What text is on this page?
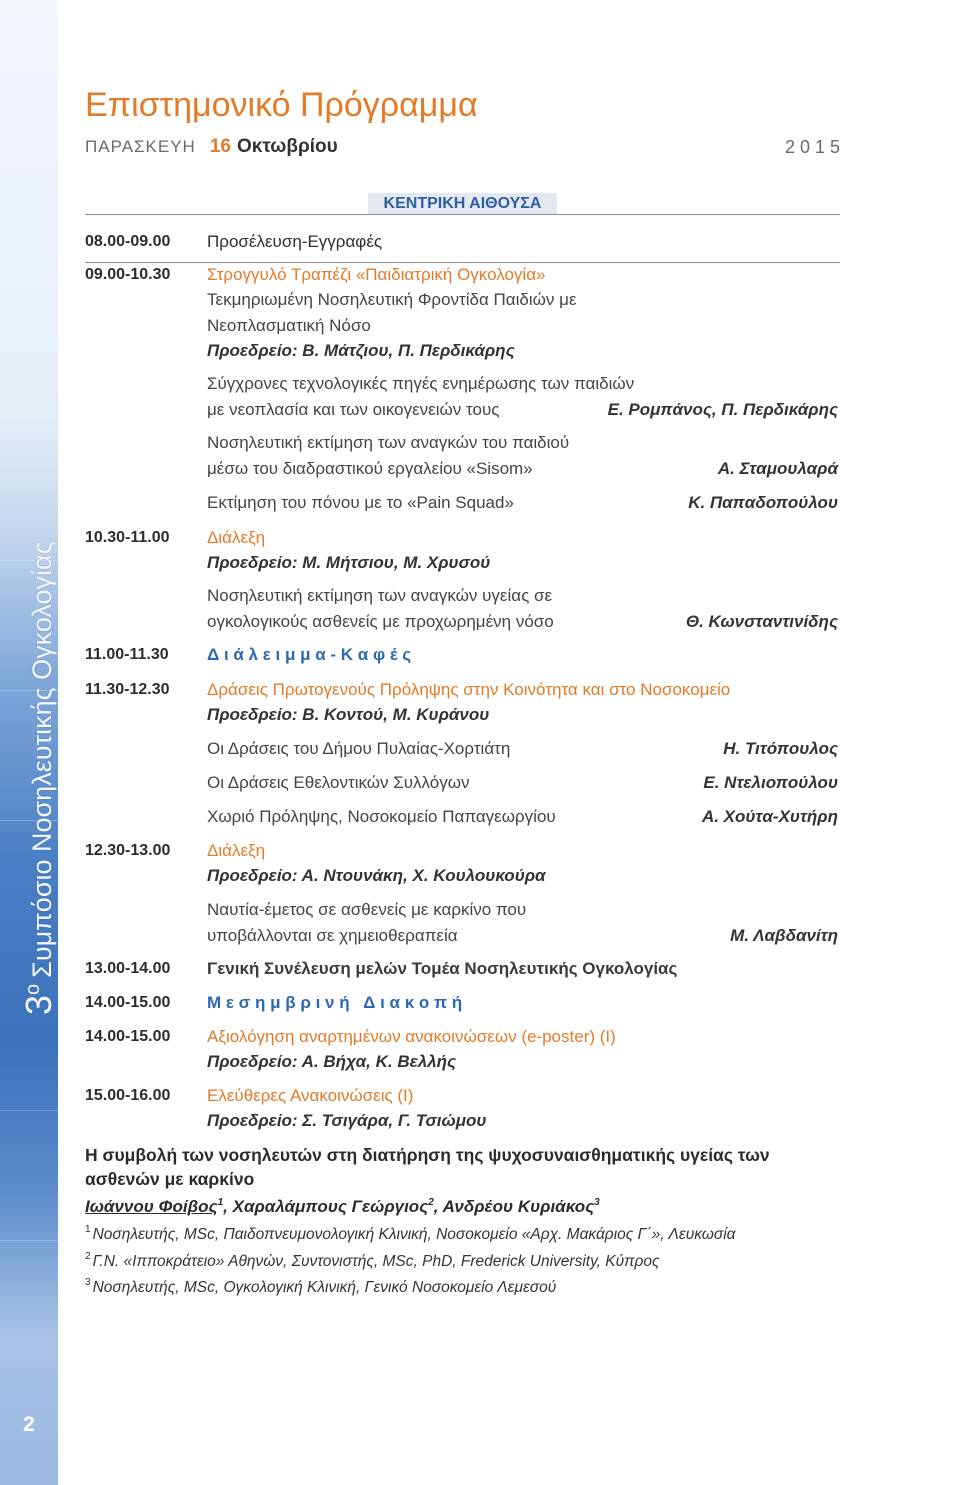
3οΣυμπόσιο Νοσηλευτικής Ογκολογίας
2
Επιστημονικό Πρόγραμμα
ΠΑΡΑΣΚΕΥΗ 16 Οκτωβρίου	2 0 1 5
ΚΕΝΤΡΙΚΗ ΑΙΘΟΥΣΑ
08.00-09.00 Προσέλευση-Εγγραφές
09.00-10.30 Στρογγυλό Τραπέζι «Παιδιατρική Ογκολογία»
Τεκμηριωμένη Νοσηλευτική Φροντίδα Παιδιών με
Νεοπλασματική Νόσο
Προεδρείο: Β. Μάτζιου, Π. Περδικάρης
Σύγχρονες τεχνολογικές πηγές ενημέρωσης των παιδιών
με νεοπλασία και των οικογενειών τους	Ε. Ρομπάνος, Π. Περδικάρης
Νοσηλευτική εκτίμηση των αναγκών του παιδιού
μέσω του διαδραστικού εργαλείου «Sisom»	Α. Σταμουλαρά
Εκτίμηση του πόνου με το «Pain Squad»	Κ. Παπαδοπούλου
10.30-11.00 Διάλεξη
Προεδρείο: Μ. Μήτσιου, Μ. Χρυσού
Νοσηλευτική εκτίμηση των αναγκών υγείας σε
ογκολογικούς ασθενείς με προχωρημένη νόσο	Θ. Κωνσταντινίδης
11.00-11.30 Δ ι ά λ ε ι μ μ α - Κ α φ έ ς
11.30-12.30 Δράσεις Πρωτογενούς Πρόληψης στην Κοινότητα και στο Νοσοκομείο
Προεδρείο: Β. Κοντού, Μ. Κυράνου
Οι Δράσεις του Δήμου Πυλαίας-Χορτιάτη	Η. Τιτόπουλος
Οι Δράσεις Εθελοντικών Συλλόγων	Ε. Ντελιοπούλου
Χωριό Πρόληψης, Νοσοκομείο Παπαγεωργίου	Α. Χούτα-Χυτήρη
12.30-13.00 Διάλεξη
Προεδρείο: Α. Ντουνάκη, Χ. Κουλουκούρα
Ναυτία-έμετος σε ασθενείς με καρκίνο που
υποβάλλονται σε χημειοθεραπεία	Μ. Λαβδανίτη
13.00-14.00 Γενική Συνέλευση μελών Τομέα Νοσηλευτικής Ογκολογίας
14.00-15.00 Μ ε σ η μ β ρ ι ν ή   Δ ι α κ ο π ή
14.00-15.00 Αξιολόγηση αναρτημένων ανακοινώσεων (e-poster) (Ι)
Προεδρείο: Α. Βήχα, Κ. Βελλής
15.00-16.00 Ελεύθερες Ανακοινώσεις (Ι)
Προεδρείο: Σ. Τσιγάρα, Γ. Τσιώμου
Η συμβολή των νοσηλευτών στη διατήρηση της ψυχοσυναισθηματικής υγείας των
ασθενών με καρκίνο
Ιωάννου Φοίβος$^1$, Χαραλάμπους Γεώργιος$^2$, Ανδρέου Κυριάκος$^3$
$^1$ Νοσηλευτής, MSc, Παιδοπνευμονολογική Κλινική, Νοσοκομείο «Αρχ. Μακάριος Γ΄», Λευκωσία
$^2$ Γ.Ν. «Ιπποκράτειο» Αθηνών, Συντονιστής, MSc, PhD, Frederick University, Κύπρος
$^3$ Νοσηλευτής, MSc, Ογκολογική Κλινική, Γενικό Νοσοκομείο Λεμεσού
